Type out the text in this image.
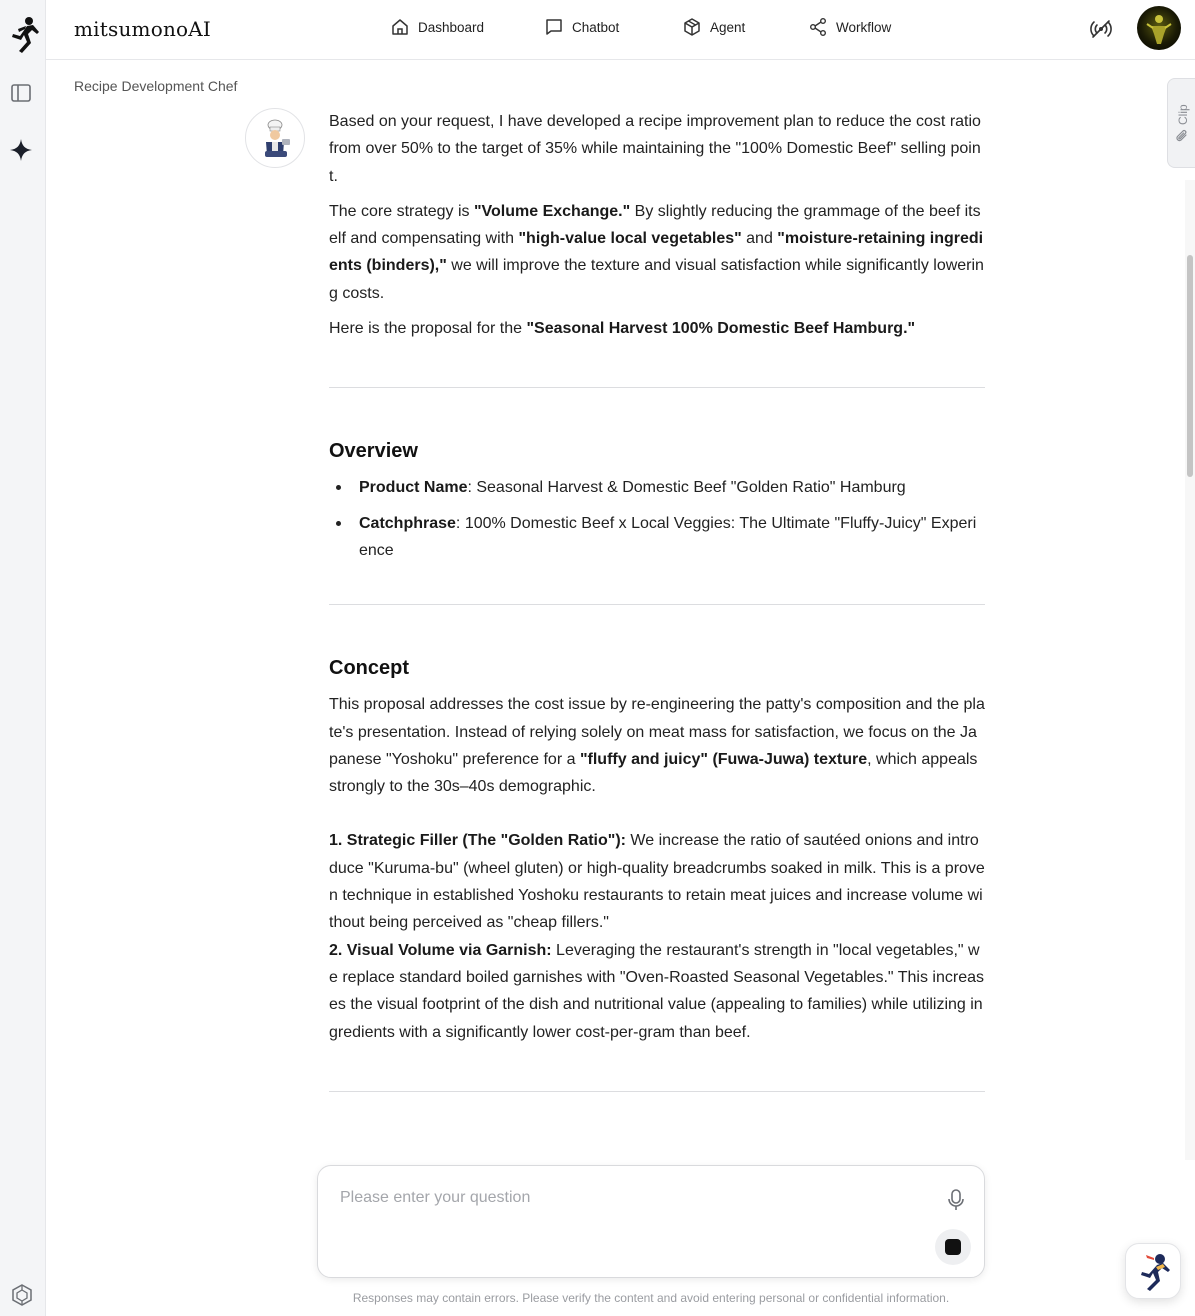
mitsumonoAI	Dashboard	Chatbot	Agent	Workflow
Recipe Development Chef
Clip

Based on your request, I have developed a recipe improvement plan to reduce the cost ratio from over 50% to the target of 35% while maintaining the "100% Domestic Beef" selling point.

The core strategy is "Volume Exchange." By slightly reducing the grammage of the beef itself and compensating with "high-value local vegetables" and "moisture-retaining ingredients (binders)," we will improve the texture and visual satisfaction while significantly lowering costs.

Here is the proposal for the "Seasonal Harvest 100% Domestic Beef Hamburg."

Overview
Product Name: Seasonal Harvest & Domestic Beef "Golden Ratio" Hamburg
Catchphrase: 100% Domestic Beef x Local Veggies: The Ultimate "Fluffy-Juicy" Experience
Concept

This proposal addresses the cost issue by re-engineering the patty's composition and the plate's presentation. Instead of relying solely on meat mass for satisfaction, we focus on the Japanese "Yoshoku" preference for a "fluffy and juicy" (Fuwa-Juwa) texture, which appeals strongly to the 30s–40s demographic.

1. Strategic Filler (The "Golden Ratio"): We increase the ratio of sautéed onions and introduce "Kuruma-bu" (wheel gluten) or high-quality breadcrumbs soaked in milk. This is a proven technique in established Yoshoku restaurants to retain meat juices and increase volume without being perceived as "cheap fillers."

2. Visual Volume via Garnish: Leveraging the restaurant's strength in "local vegetables," we replace standard boiled garnishes with "Oven-Roasted Seasonal Vegetables." This increases the visual footprint of the dish and nutritional value (appealing to families) while utilizing ingredients with a significantly lower cost-per-gram than beef.

Please enter your question
Responses may contain errors. Please verify the content and avoid entering personal or confidential information.
